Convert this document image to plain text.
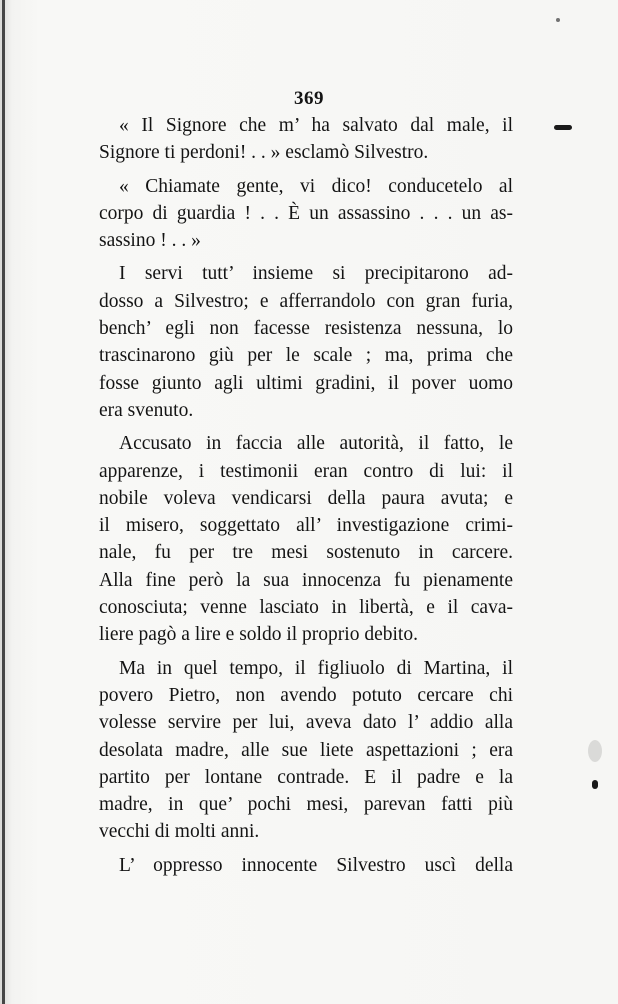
369
« Il Signore che m’ ha salvato dal male, il
Signore ti perdoni! . . » esclamò Silvestro.
« Chiamate gente, vi dico! conducetelo al
corpo di guardia ! . . È un assassino . . . un as-
sassino ! . . »
I servi tutt’ insieme si precipitarono ad-
dosso a Silvestro; e afferrandolo con gran furia,
bench’ egli non facesse resistenza nessuna, lo
trascinarono giù per le scale ; ma, prima che
fosse giunto agli ultimi gradini, il pover uomo
era svenuto.
Accusato in faccia alle autorità, il fatto, le
apparenze, i testimonii eran contro di lui: il
nobile voleva vendicarsi della paura avuta; e
il misero, soggettato all’ investigazione crimi-
nale, fu per tre mesi sostenuto in carcere.
Alla fine però la sua innocenza fu pienamente
conosciuta; venne lasciato in libertà, e il cava-
liere pagò a lire e soldo il proprio debito.
Ma in quel tempo, il figliuolo di Martina, il
povero Pietro, non avendo potuto cercare chi
volesse servire per lui, aveva dato l’ addio alla
desolata madre, alle sue liete aspettazioni ; era
partito per lontane contrade. E il padre e la
madre, in que’ pochi mesi, parevan fatti più
vecchi di molti anni.
L’ oppresso innocente Silvestro uscì della
